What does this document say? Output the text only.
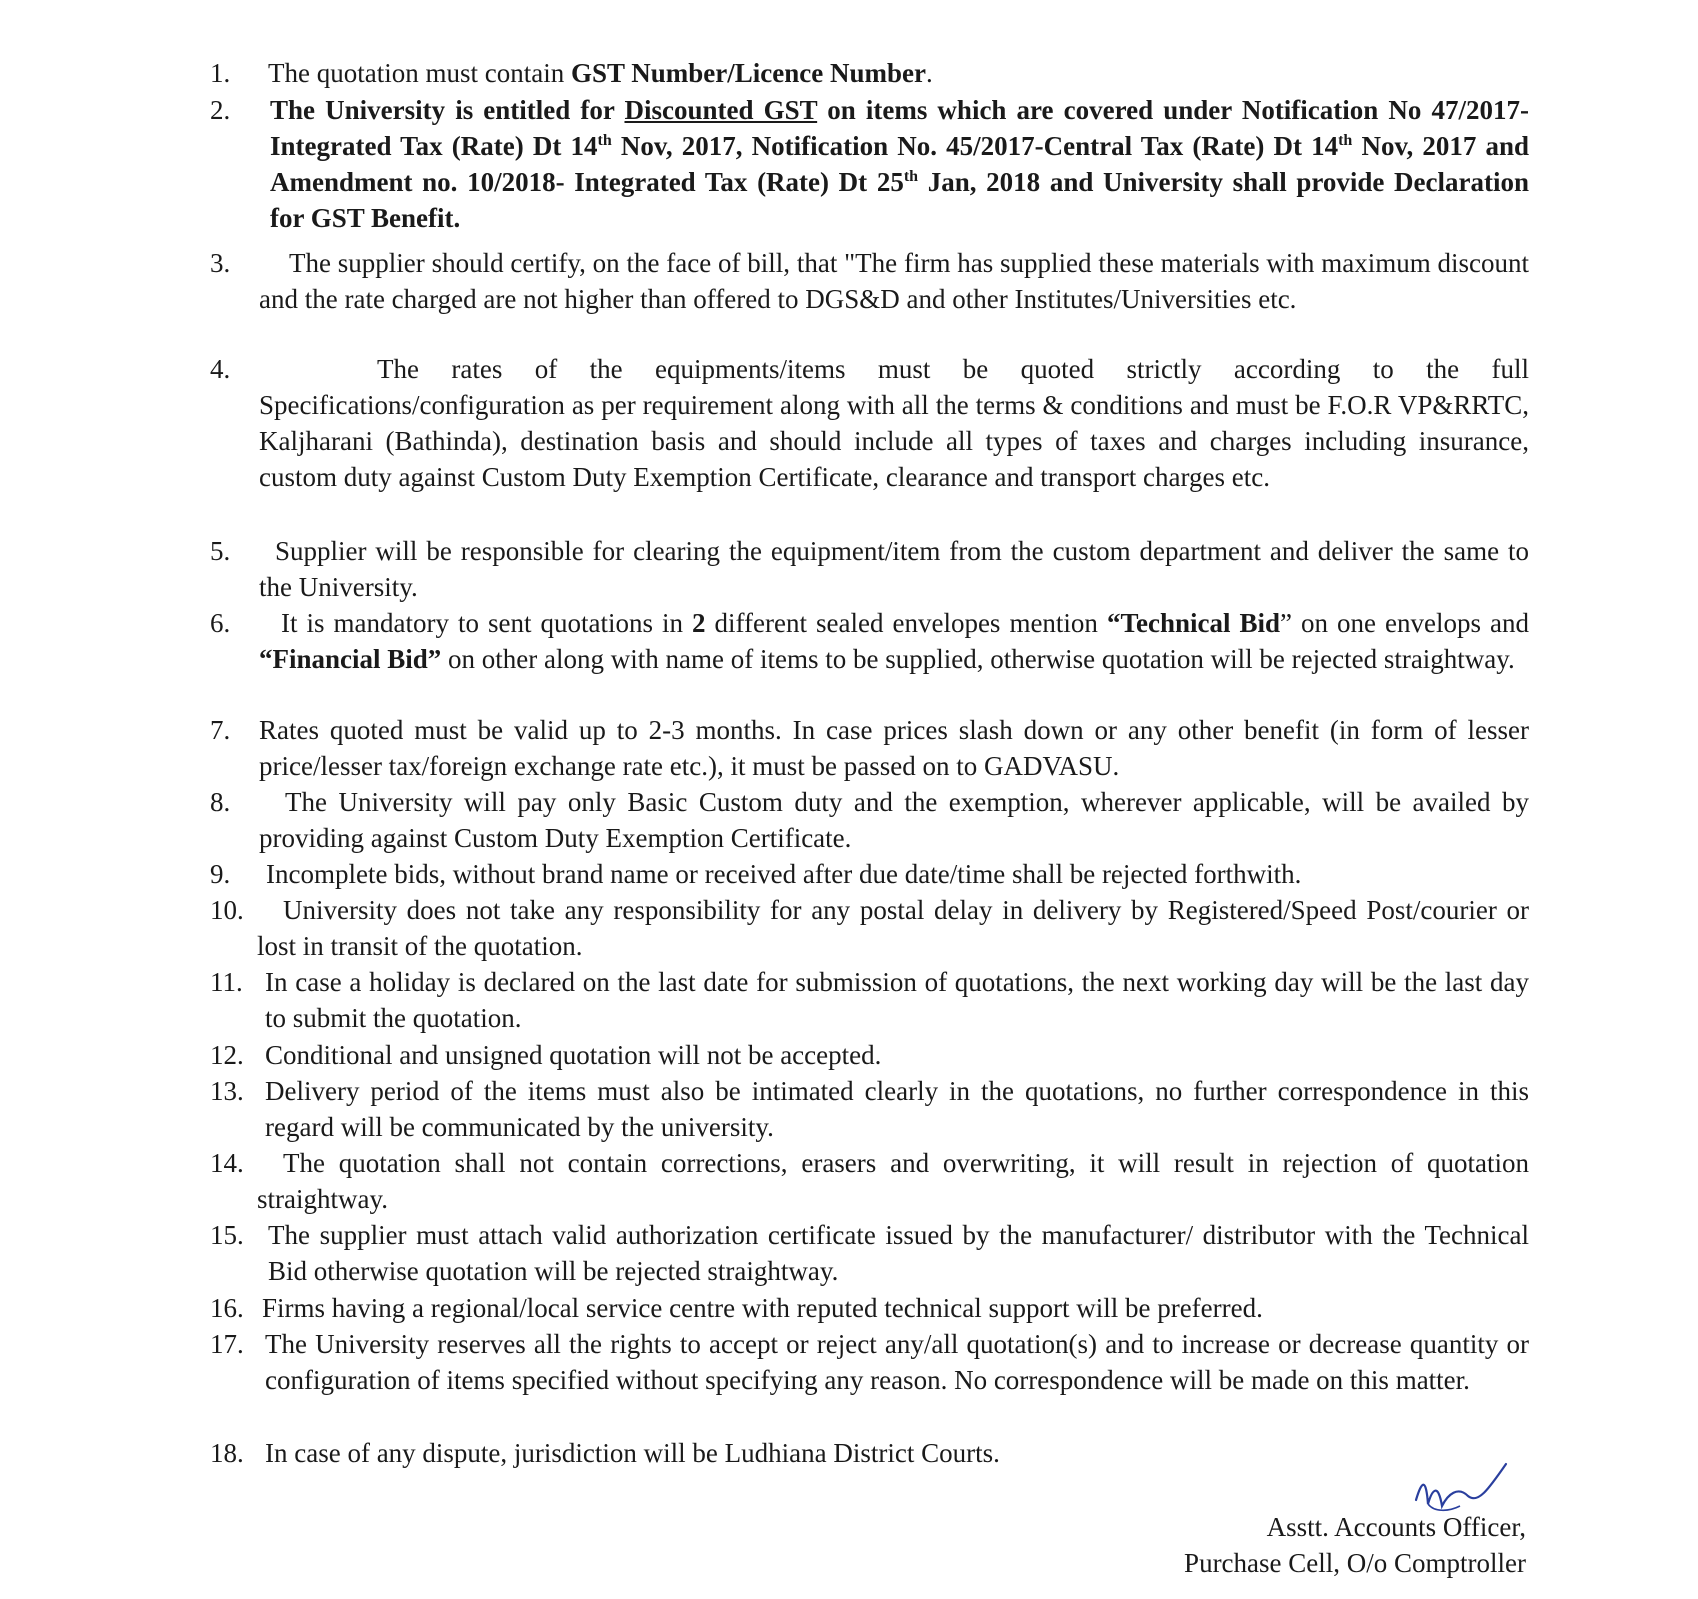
1. The quotation must contain GST Number/Licence Number.
2. The University is entitled for Discounted GST on items which are covered under Notification No 47/2017- Integrated Tax (Rate) Dt 14th Nov, 2017, Notification No. 45/2017-Central Tax (Rate) Dt 14th Nov, 2017 and Amendment no. 10/2018- Integrated Tax (Rate) Dt 25th Jan, 2018 and University shall provide Declaration for GST Benefit.
3.	The supplier should certify, on the face of bill, that "The firm has supplied these materials with maximum discount and the rate charged are not higher than offered to DGS&D and other Institutes/Universities etc.
4.	The rates of the equipments/items must be quoted strictly according to the full Specifications/configuration as per requirement along with all the terms & conditions and must be F.O.R VP&RRTC, Kaljharani (Bathinda), destination basis and should include all types of taxes and charges including insurance, custom duty against Custom Duty Exemption Certificate, clearance and transport charges etc.
5.	Supplier will be responsible for clearing the equipment/item from the custom department and deliver the same to the University.
6.	It is mandatory to sent quotations in 2 different sealed envelopes mention “Technical Bid” on one envelops and “Financial Bid” on other along with name of items to be supplied, otherwise quotation will be rejected straightway.
7. Rates quoted must be valid up to 2-3 months. In case prices slash down or any other benefit (in form of lesser price/lesser tax/foreign exchange rate etc.), it must be passed on to GADVASU.
8.	The University will pay only Basic Custom duty and the exemption, wherever applicable, will be availed by providing against Custom Duty Exemption Certificate.
9. Incomplete bids, without brand name or received after due date/time shall be rejected forthwith.
10.	University does not take any responsibility for any postal delay in delivery by Registered/Speed Post/courier or lost in transit of the quotation.
11. In case a holiday is declared on the last date for submission of quotations, the next working day will be the last day to submit the quotation.
12. Conditional and unsigned quotation will not be accepted.
13. Delivery period of the items must also be intimated clearly in the quotations, no further correspondence in this regard will be communicated by the university.
14.	The quotation shall not contain corrections, erasers and overwriting, it will result in rejection of quotation straightway.
15. The supplier must attach valid authorization certificate issued by the manufacturer/ distributor with the Technical Bid otherwise quotation will be rejected straightway.
16. Firms having a regional/local service centre with reputed technical support will be preferred.
17. The University reserves all the rights to accept or reject any/all quotation(s) and to increase or decrease quantity or configuration of items specified without specifying any reason. No correspondence will be made on this matter.
18. In case of any dispute, jurisdiction will be Ludhiana District Courts.
Asstt. Accounts Officer,
Purchase Cell, O/o Comptroller
